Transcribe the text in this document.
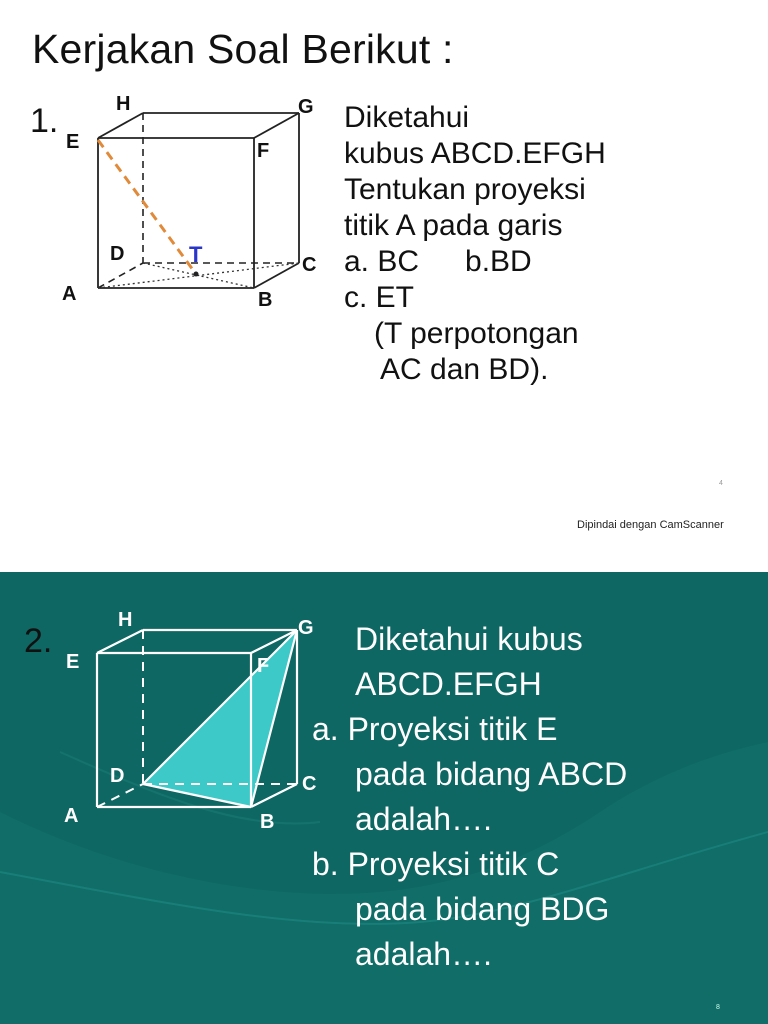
Kerjakan Soal Berikut :
1.
A	B
C
D
E	F
G
H
T
Diketahui
kubus ABCD.EFGH
Tentukan proyeksi
titik A pada garis
a. BC b.BD
c. ET
(T perpotongan
AC dan BD).
4
Dipindai dengan CamScanner
2.
A	B
C
D
E	F
G
H
Diketahui kubus
ABCD.EFGH
a. Proyeksi titik E
pada bidang ABCD
adalah….
b. Proyeksi titik C
pada bidang BDG
adalah….
8
